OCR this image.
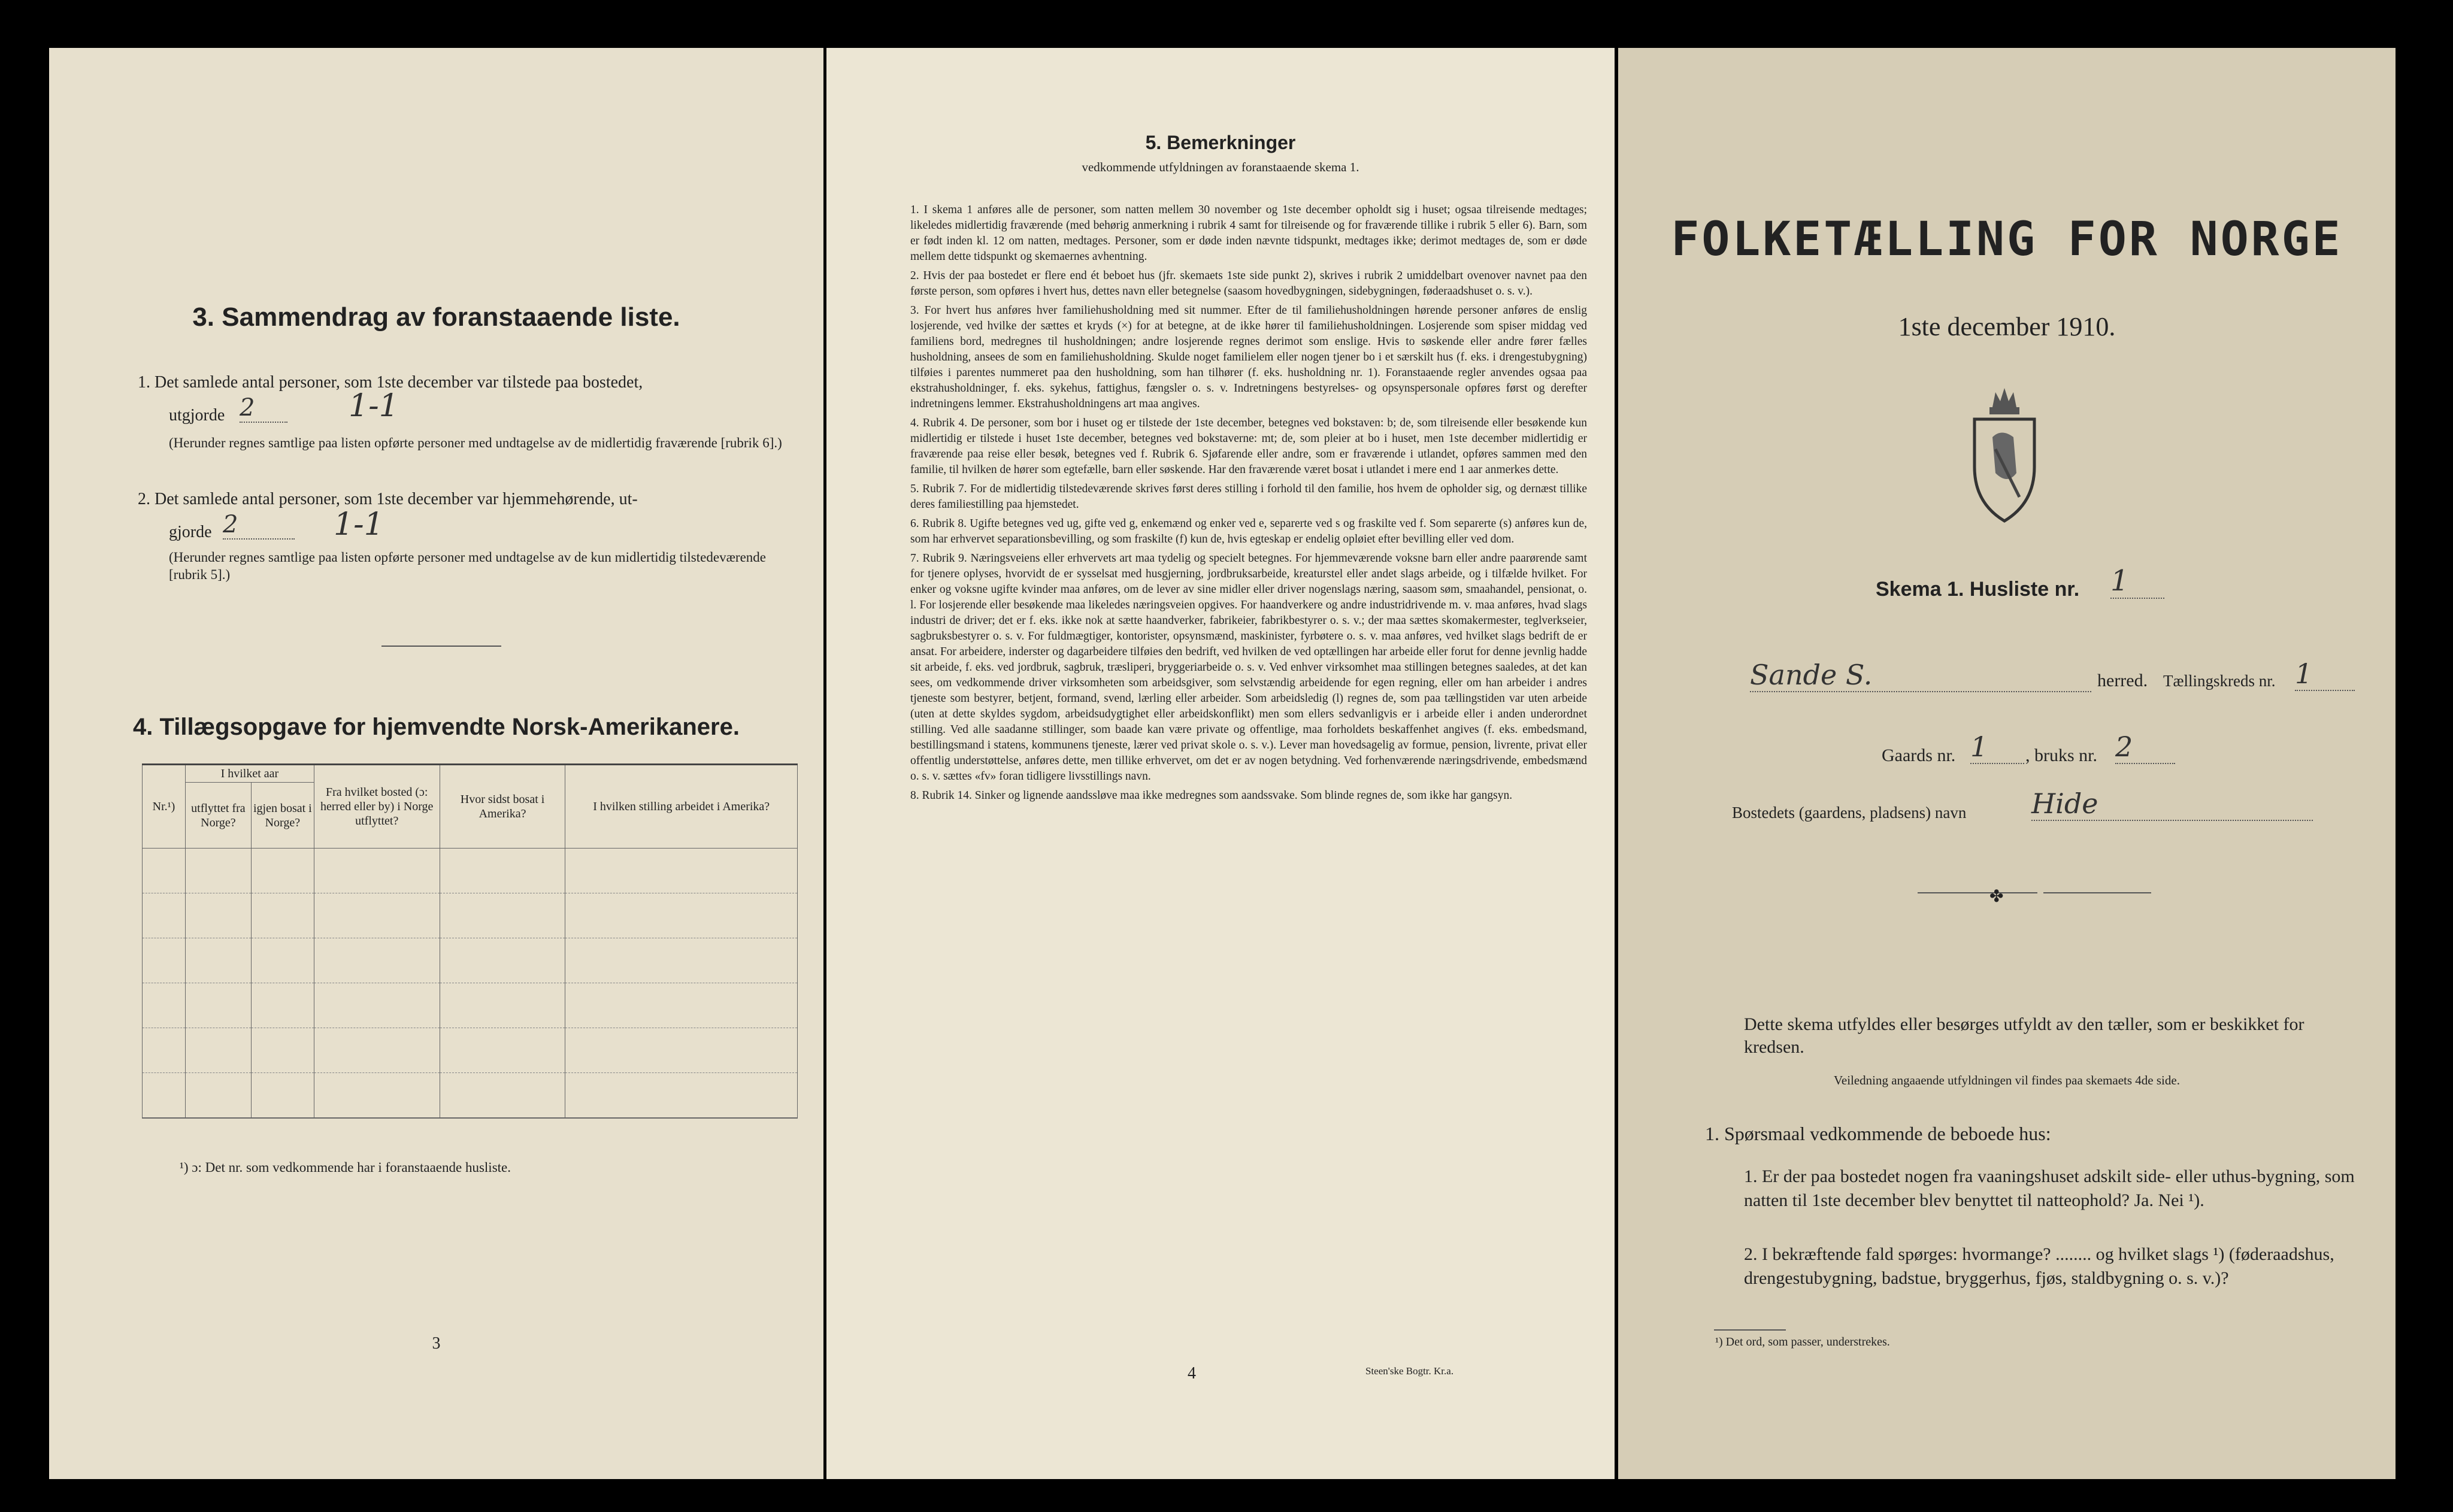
3. Sammendrag av foranstaaende liste.
1. Det samlede antal personer, som 1ste december var tilstede paa bostedet,
utgjorde 2	1-1
(Herunder regnes samtlige paa listen opførte personer med undtagelse av de midlertidig fraværende [rubrik 6].)
2. Det samlede antal personer, som 1ste december var hjemmehørende, ut-
gjorde 2	1-1
(Herunder regnes samtlige paa listen opførte personer med undtagelse av de kun midlertidig tilstedeværende [rubrik 5].)
4. Tillægsopgave for hjemvendte Norsk-Amerikanere.
Nr.¹)	I hvilket aar		Fra hvilket bosted (ɔ: herred eller by) i Norge utflyttet?	Hvor sidst bosat i Amerika?	I hvilken stilling arbeidet i Amerika?
	utflyttet fra Norge?	igjen bosat i Norge?			

¹) ɔ: Det nr. som vedkommende har i foranstaaende husliste.
3
5. Bemerkninger
vedkommende utfyldningen av foranstaaende skema 1.

1. I skema 1 anføres alle de personer, som natten mellem 30 november og 1ste december opholdt sig i huset; ogsaa tilreisende medtages; likeledes midlertidig fraværende (med behørig anmerkning i rubrik 4 samt for tilreisende og for fraværende tillike i rubrik 5 eller 6). Barn, som er født inden kl. 12 om natten, medtages. Personer, som er døde inden nævnte tidspunkt, medtages ikke; derimot medtages de, som er døde mellem dette tidspunkt og skemaernes avhentning.

2. Hvis der paa bostedet er flere end ét beboet hus (jfr. skemaets 1ste side punkt 2), skrives i rubrik 2 umiddelbart ovenover navnet paa den første person, som opføres i hvert hus, dettes navn eller betegnelse (saasom hovedbygningen, sidebygningen, føderaadshuset o. s. v.).

3. For hvert hus anføres hver familiehusholdning med sit nummer. Efter de til familiehusholdningen hørende personer anføres de enslig losjerende, ved hvilke der sættes et kryds (×) for at betegne, at de ikke hører til familiehusholdningen. Losjerende som spiser middag ved familiens bord, medregnes til husholdningen; andre losjerende regnes derimot som enslige. Hvis to søskende eller andre fører fælles husholdning, ansees de som en familiehusholdning. Skulde noget familielem eller nogen tjener bo i et særskilt hus (f. eks. i drengestubygning) tilføies i parentes nummeret paa den husholdning, som han tilhører (f. eks. husholdning nr. 1). Foranstaaende regler anvendes ogsaa paa ekstrahusholdninger, f. eks. sykehus, fattighus, fængsler o. s. v. Indretningens bestyrelses- og opsynspersonale opføres først og derefter indretningens lemmer. Ekstrahusholdningens art maa angives.

4. Rubrik 4. De personer, som bor i huset og er tilstede der 1ste december, betegnes ved bokstaven: b; de, som tilreisende eller besøkende kun midlertidig er tilstede i huset 1ste december, betegnes ved bokstaverne: mt; de, som pleier at bo i huset, men 1ste december midlertidig er fraværende paa reise eller besøk, betegnes ved f. Rubrik 6. Sjøfarende eller andre, som er fraværende i utlandet, opføres sammen med den familie, til hvilken de hører som egtefælle, barn eller søskende. Har den fraværende været bosat i utlandet i mere end 1 aar anmerkes dette.

5. Rubrik 7. For de midlertidig tilstedeværende skrives først deres stilling i forhold til den familie, hos hvem de opholder sig, og dernæst tillike deres familiestilling paa hjemstedet.

6. Rubrik 8. Ugifte betegnes ved ug, gifte ved g, enkemænd og enker ved e, separerte ved s og fraskilte ved f. Som separerte (s) anføres kun de, som har erhvervet separationsbevilling, og som fraskilte (f) kun de, hvis egteskap er endelig opløiet efter bevilling eller ved dom.

7. Rubrik 9. Næringsveiens eller erhvervets art maa tydelig og specielt betegnes. For hjemmeværende voksne barn eller andre paarørende samt for tjenere oplyses, hvorvidt de er sysselsat med husgjerning, jordbruksarbeide, kreaturstel eller andet slags arbeide, og i tilfælde hvilket. For enker og voksne ugifte kvinder maa anføres, om de lever av sine midler eller driver nogenslags næring, saasom søm, smaahandel, pensionat, o. l. For losjerende eller besøkende maa likeledes næringsveien opgives. For haandverkere og andre industridrivende m. v. maa anføres, hvad slags industri de driver; det er f. eks. ikke nok at sætte haandverker, fabrikeier, fabrikbestyrer o. s. v.; der maa sættes skomakermester, teglverkseier, sagbruksbestyrer o. s. v. For fuldmægtiger, kontorister, opsynsmænd, maskinister, fyrbøtere o. s. v. maa anføres, ved hvilket slags bedrift de er ansat. For arbeidere, inderster og dagarbeidere tilføies den bedrift, ved hvilken de ved optællingen har arbeide eller forut for denne jevnlig hadde sit arbeide, f. eks. ved jordbruk, sagbruk, træsliperi, bryggeriarbeide o. s. v. Ved enhver virksomhet maa stillingen betegnes saaledes, at det kan sees, om vedkommende driver virksomheten som arbeidsgiver, som selvstændig arbeidende for egen regning, eller om han arbeider i andres tjeneste som bestyrer, betjent, formand, svend, lærling eller arbeider. Som arbeidsledig (l) regnes de, som paa tællingstiden var uten arbeide (uten at dette skyldes sygdom, arbeidsudygtighet eller arbeidskonflikt) men som ellers sedvanligvis er i arbeide eller i anden underordnet stilling. Ved alle saadanne stillinger, som baade kan være private og offentlige, maa forholdets beskaffenhet angives (f. eks. embedsmand, bestillingsmand i statens, kommunens tjeneste, lærer ved privat skole o. s. v.). Lever man hovedsagelig av formue, pension, livrente, privat eller offentlig understøttelse, anføres dette, men tillike erhvervet, om det er av nogen betydning. Ved forhenværende næringsdrivende, embedsmænd o. s. v. sættes «fv» foran tidligere livsstillings navn.

8. Rubrik 14. Sinker og lignende aandssløve maa ikke medregnes som aandssvake. Som blinde regnes de, som ikke har gangsyn.

4	Steen'ske Bogtr. Kr.a.
FOLKETÆLLING FOR NORGE
1ste december 1910.
Skema 1. Husliste nr. 1
Sande S.	herred. Tællingskreds nr. 1
Gaards nr. 1	, bruks nr. 2
Bostedets (gaardens, pladsens) navn Hide
✤
Dette skema utfyldes eller besørges utfyldt av den tæller, som er beskikket for kredsen.
Veiledning angaaende utfyldningen vil findes paa skemaets 4de side.
1. Spørsmaal vedkommende de beboede hus:
1. Er der paa bostedet nogen fra vaaningshuset adskilt side- eller uthus-bygning, som natten til 1ste december blev benyttet til natteophold? Ja. Nei ¹).
2. I bekræftende fald spørges: hvormange? ........ og hvilket slags ¹) (føderaadshus, drengestubygning, badstue, bryggerhus, fjøs, staldbygning o. s. v.)?
¹) Det ord, som passer, understrekes.
